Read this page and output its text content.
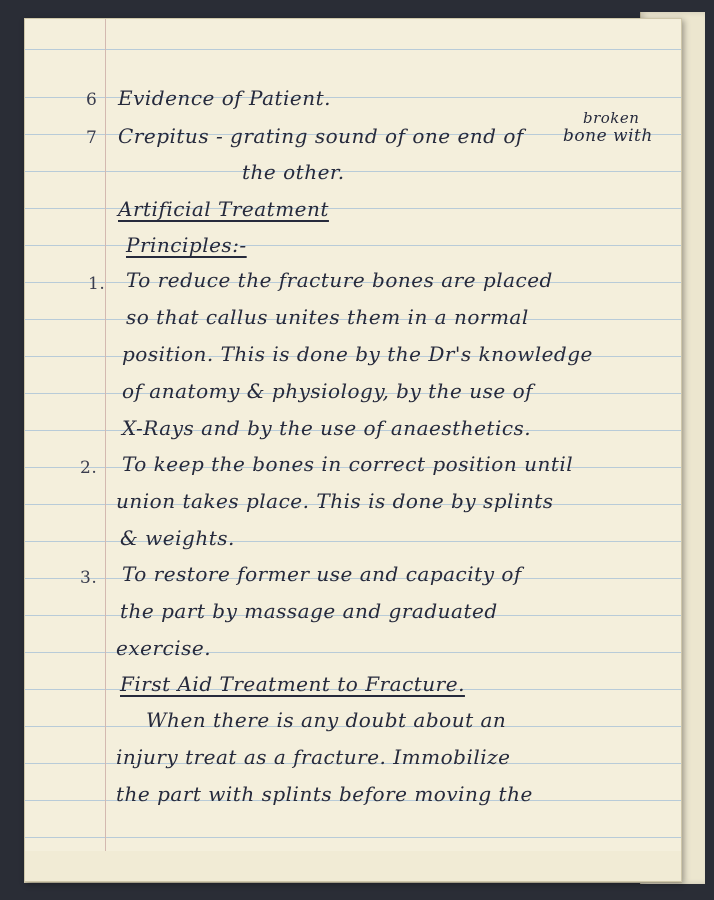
6 Evidence of Patient.
7 Crepitus - grating sound of one end of
broken
bone with
the other.
Artificial Treatment
Principles:-
1. To reduce the fracture bones are placed
so that callus unites them in a normal
position. This is done by the Dr's knowledge
of anatomy & physiology, by the use of
X-Rays and by the use of anaesthetics.
2. To keep the bones in correct position until
union takes place. This is done by splints
& weights.
3. To restore former use and capacity of
the part by massage and graduated
exercise.
First Aid Treatment to Fracture.
When there is any doubt about an
injury treat as a fracture. Immobilize
the part with splints before moving the
